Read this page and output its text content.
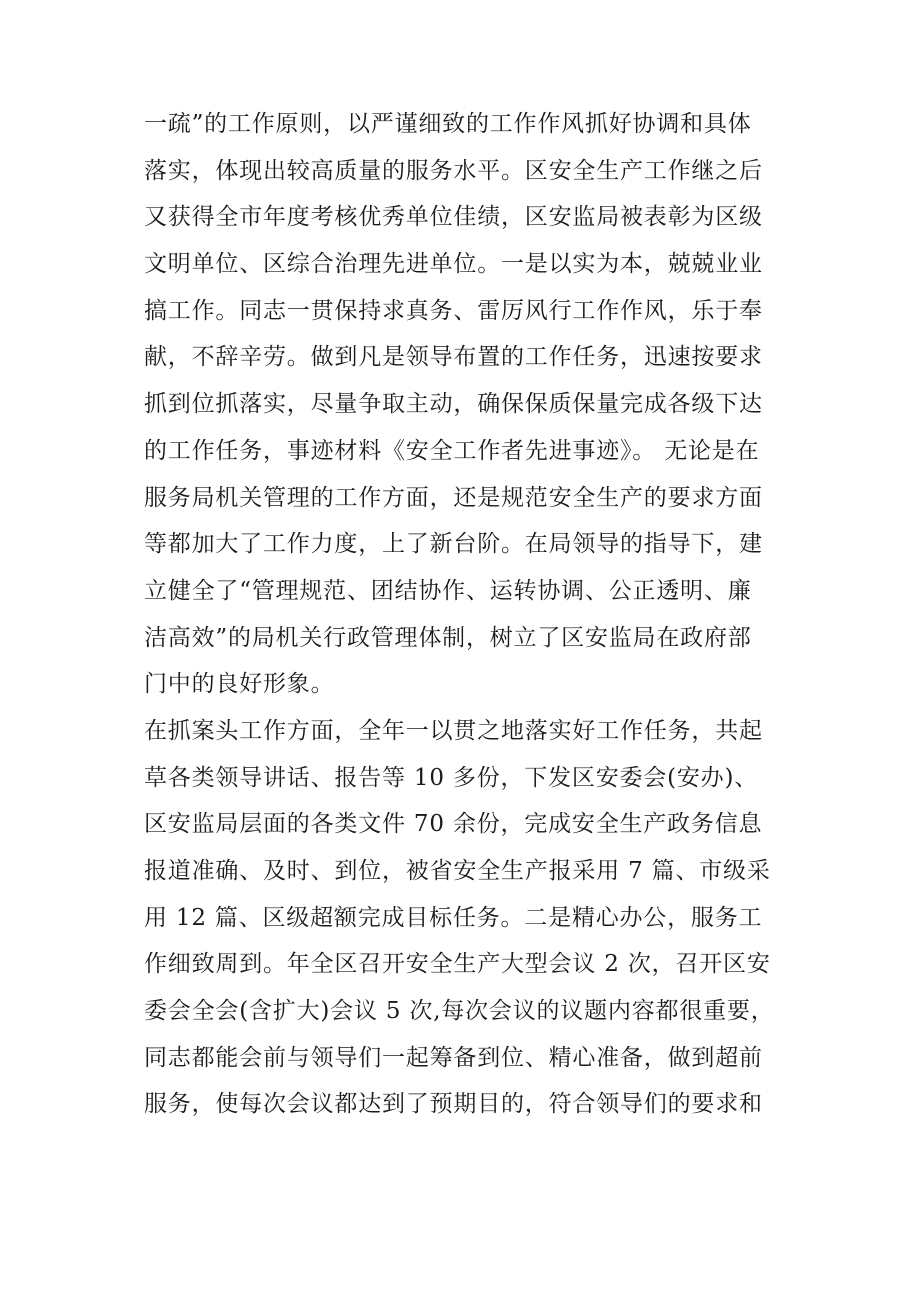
一疏”的工作原则，以严谨细致的工作作风抓好协调和具体
落实，体现出较高质量的服务水平。区安全生产工作继之后
又获得全市年度考核优秀单位佳绩，区安监局被表彰为区级
文明单位、区综合治理先进单位。一是以实为本，兢兢业业
搞工作。同志一贯保持求真务、雷厉风行工作作风，乐于奉
献，不辞辛劳。做到凡是领导布置的工作任务，迅速按要求
抓到位抓落实，尽量争取主动，确保保质保量完成各级下达
的工作任务，事迹材料《安全工作者先进事迹》。 无论是在
服务局机关管理的工作方面，还是规范安全生产的要求方面
等都加大了工作力度，上了新台阶。在局领导的指导下，建
立健全了“管理规范、团结协作、运转协调、公正透明、廉
洁高效”的局机关行政管理体制，树立了区安监局在政府部
门中的良好形象。
在抓案头工作方面，全年一以贯之地落实好工作任务，共起
草各类领导讲话、报告等 10 多份，下发区安委会(安办)、
区安监局层面的各类文件 70 余份，完成安全生产政务信息
报道准确、及时、到位，被省安全生产报采用 7 篇、市级采
用 12 篇、区级超额完成目标任务。二是精心办公，服务工
作细致周到。年全区召开安全生产大型会议 2 次，召开区安
委会全会(含扩大)会议 5 次,每次会议的议题内容都很重要，
同志都能会前与领导们一起筹备到位、精心准备，做到超前
服务，使每次会议都达到了预期目的，符合领导们的要求和
